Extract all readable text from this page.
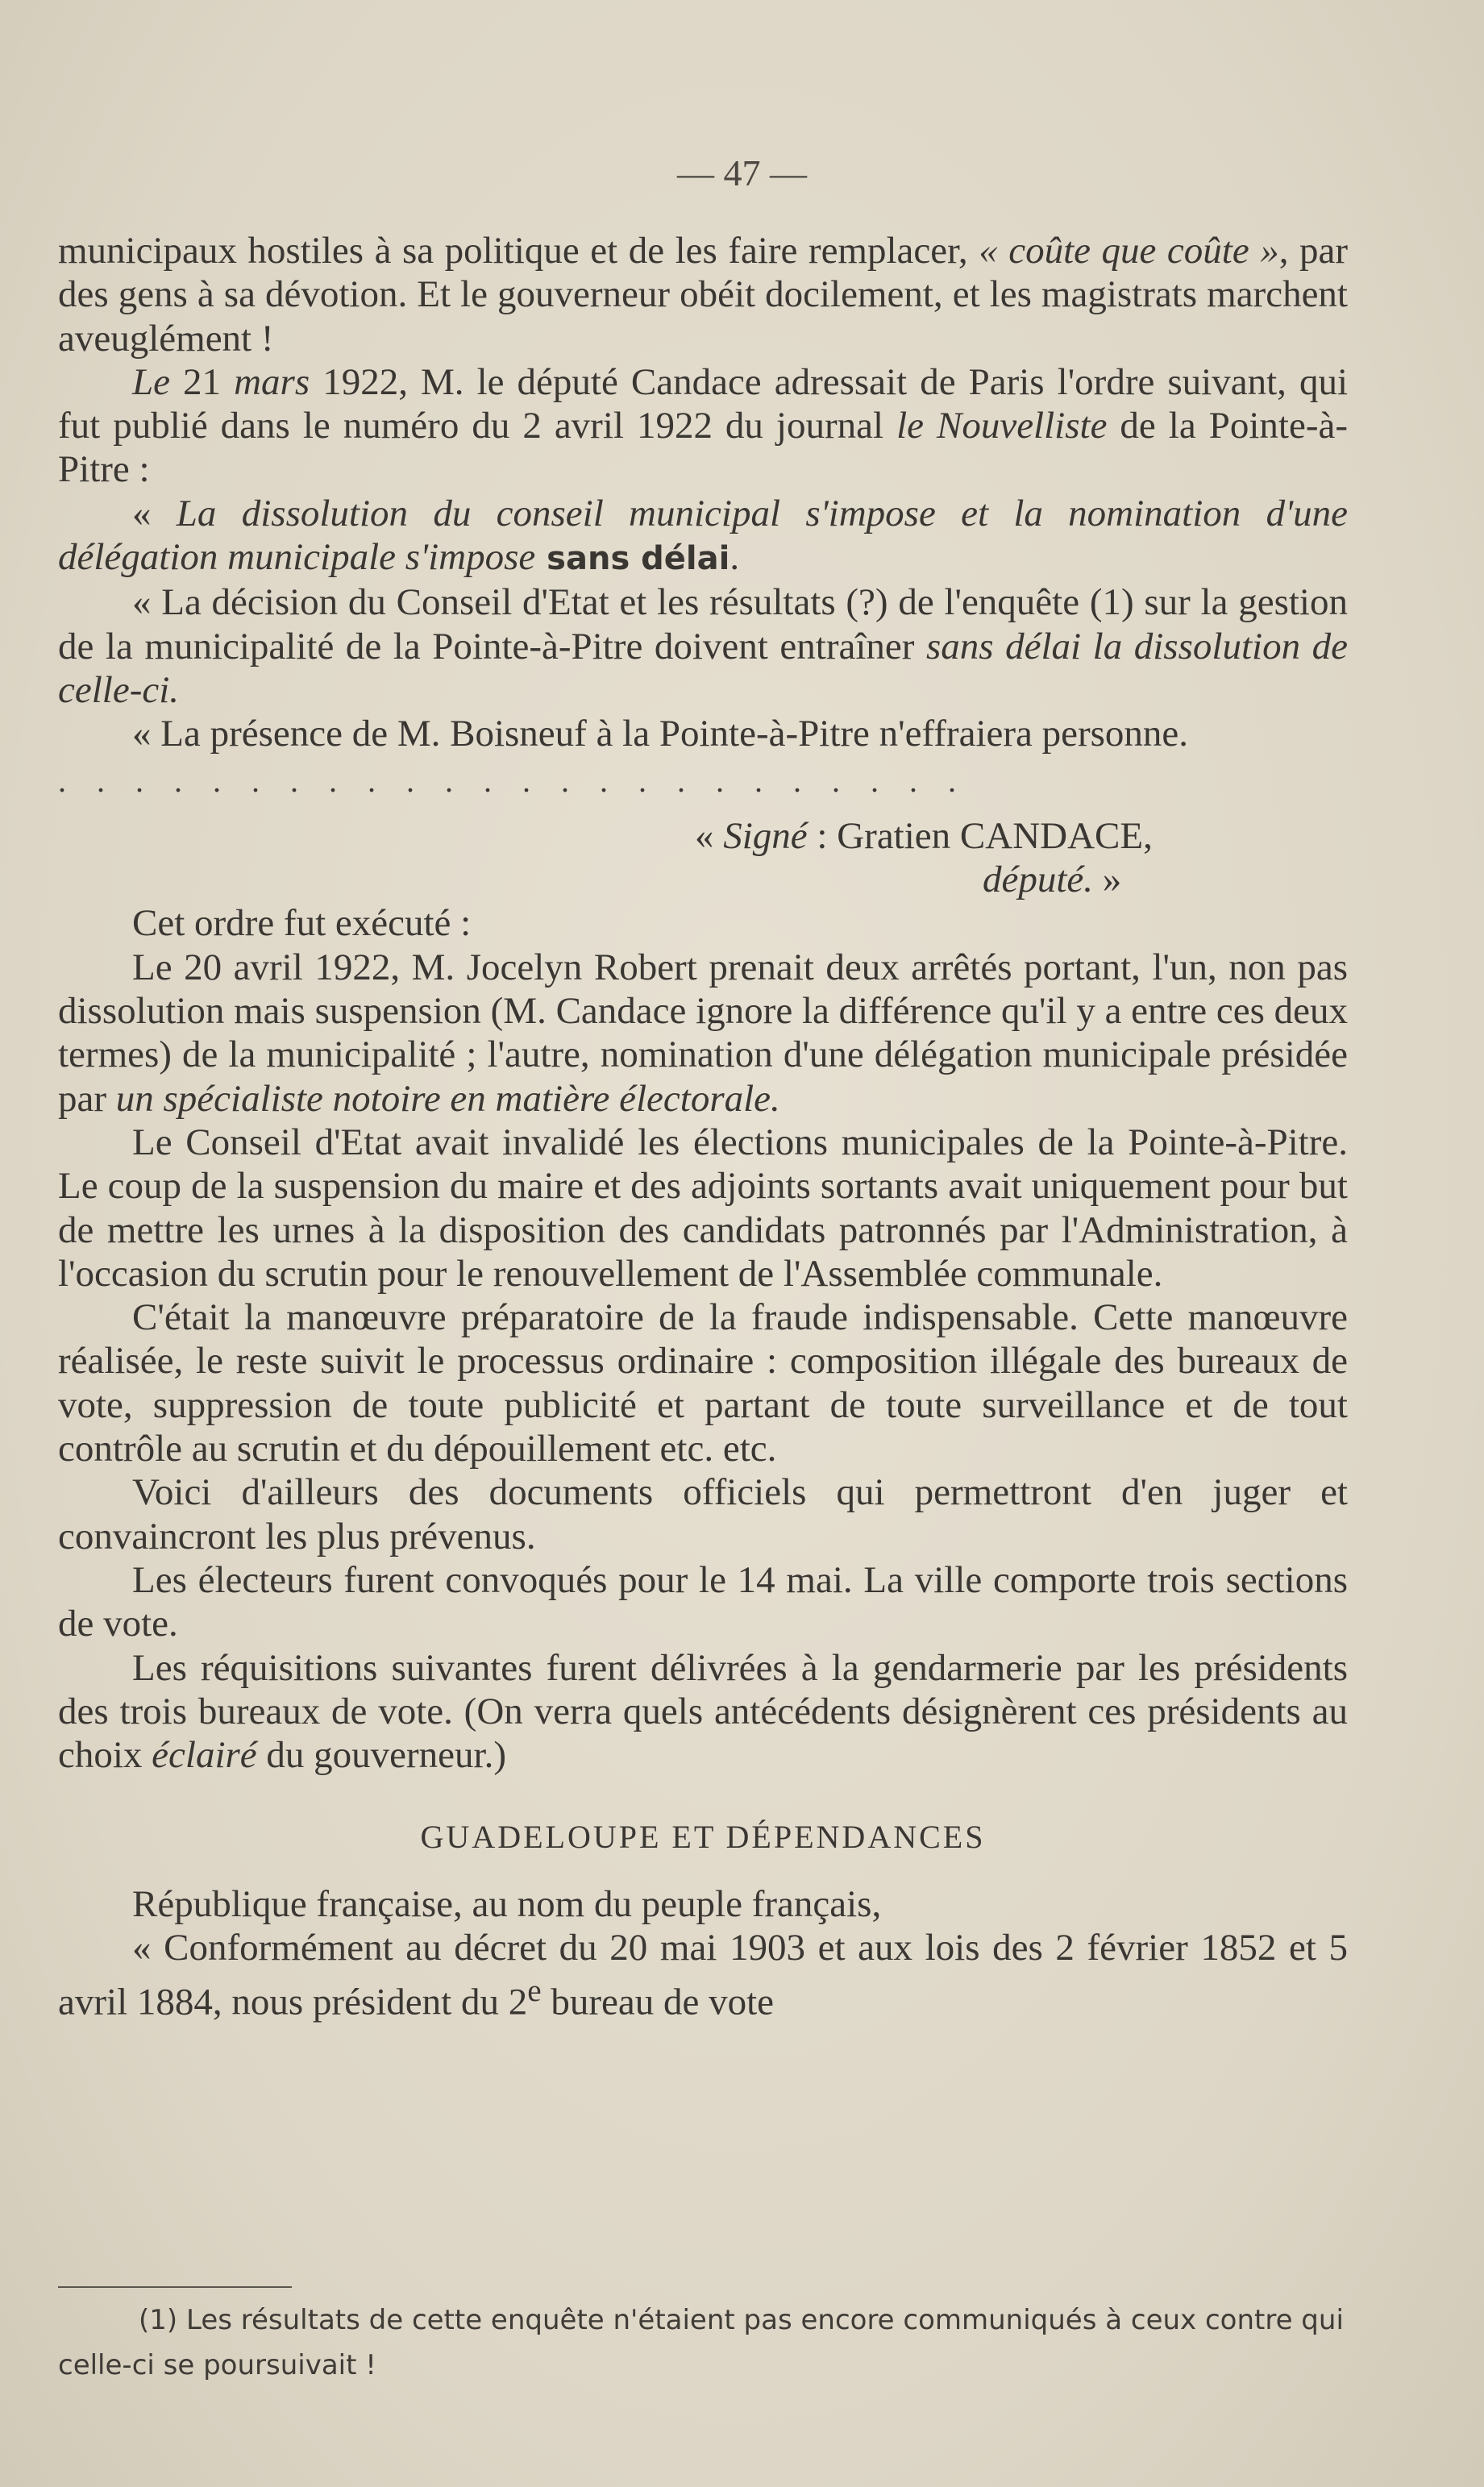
— 47 —

municipaux hostiles à sa politique et de les faire remplacer, « coûte que coûte », par des gens à sa dévotion. Et le gouverneur obéit docilement, et les magistrats marchent aveuglément !

Le 21 mars 1922, M. le député Candace adressait de Paris l'ordre suivant, qui fut publié dans le numéro du 2 avril 1922 du journal le Nouvelliste de la Pointe-à-Pitre :

« La dissolution du conseil municipal s'impose et la nomination d'une délégation municipale s'impose sans délai.

« La décision du Conseil d'Etat et les résultats (?) de l'enquête (1) sur la gestion de la municipalité de la Pointe-à-Pitre doivent entraîner sans délai la dissolution de celle-ci.

« La présence de M. Boisneuf à la Pointe-à-Pitre n'effraiera personne.

........................

« Signé : Gratien CANDACE,

député. »

Cet ordre fut exécuté :

Le 20 avril 1922, M. Jocelyn Robert prenait deux arrêtés portant, l'un, non pas dissolution mais suspension (M. Candace ignore la différence qu'il y a entre ces deux termes) de la municipalité ; l'autre, nomination d'une délégation municipale présidée par un spécialiste notoire en matière électorale.

Le Conseil d'Etat avait invalidé les élections municipales de la Pointe-à-Pitre. Le coup de la suspension du maire et des adjoints sortants avait uniquement pour but de mettre les urnes à la disposition des candidats patronnés par l'Administration, à l'occasion du scrutin pour le renouvellement de l'Assemblée communale.

C'était la manœuvre préparatoire de la fraude indispensable. Cette manœuvre réalisée, le reste suivit le processus ordinaire : composition illégale des bureaux de vote, suppression de toute publicité et partant de toute surveillance et de tout contrôle au scrutin et du dépouillement etc. etc.

Voici d'ailleurs des documents officiels qui permettront d'en juger et convaincront les plus prévenus.

Les électeurs furent convoqués pour le 14 mai. La ville comporte trois sections de vote.

Les réquisitions suivantes furent délivrées à la gendarmerie par les présidents des trois bureaux de vote. (On verra quels antécédents désignèrent ces présidents au choix éclairé du gouverneur.)

GUADELOUPE ET DÉPENDANCES

République française, au nom du peuple français,

« Conformément au décret du 20 mai 1903 et aux lois des 2 février 1852 et 5 avril 1884, nous président du 2e bureau de vote

(1) Les résultats de cette enquête n'étaient pas encore communiqués à ceux contre qui celle-ci se poursuivait !
